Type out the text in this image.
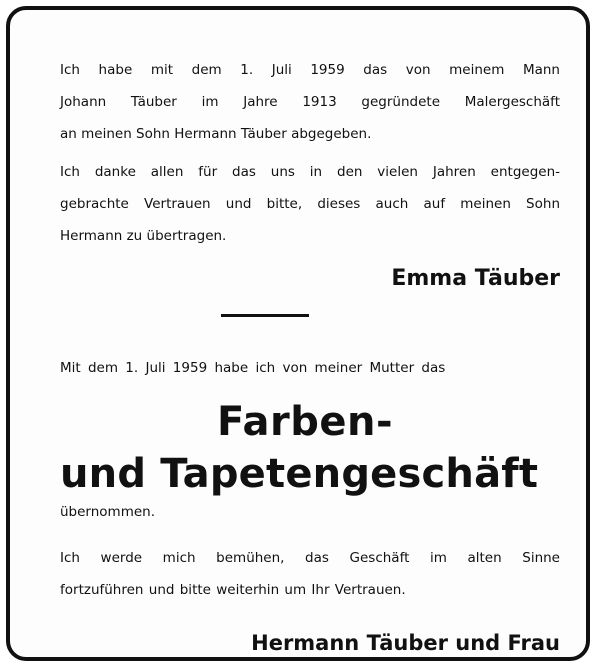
Ich habe mit dem 1. Juli 1959 das von meinem Mann
Johann Täuber im Jahre 1913 gegründete Malergeschäft
an meinen Sohn Hermann Täuber abgegeben.
Ich danke allen für das uns in den vielen Jahren entgegen-
gebrachte Vertrauen und bitte, dieses auch auf meinen Sohn
Hermann zu übertragen.
Emma Täuber
Mit dem 1. Juli 1959 habe ich von meiner Mutter das
Farben-
und Tapetengeschäft
übernommen.
Ich werde mich bemühen, das Geschäft im alten Sinne
fortzuführen und bitte weiterhin um Ihr Vertrauen.
Hermann Täuber und Frau
